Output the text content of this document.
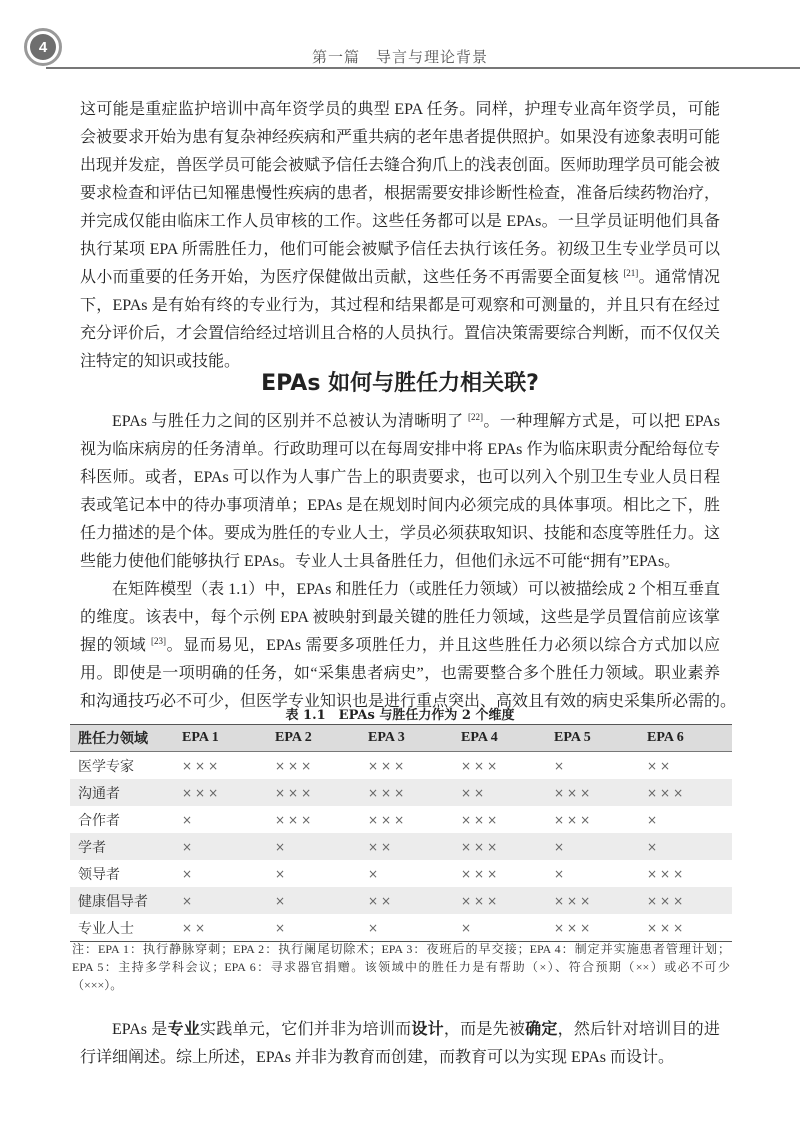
4
第一篇　导言与理论背景
这可能是重症监护培训中高年资学员的典型 EPA 任务。同样，护理专业高年资学员，可能
会被要求开始为患有复杂神经疾病和严重共病的老年患者提供照护。如果没有迹象表明可能
出现并发症，兽医学员可能会被赋予信任去缝合狗爪上的浅表创面。医师助理学员可能会被
要求检查和评估已知罹患慢性疾病的患者，根据需要安排诊断性检查，准备后续药物治疗，
并完成仅能由临床工作人员审核的工作。这些任务都可以是 EPAs。一旦学员证明他们具备
执行某项 EPA 所需胜任力，他们可能会被赋予信任去执行该任务。初级卫生专业学员可以
从小而重要的任务开始，为医疗保健做出贡献，这些任务不再需要全面复核 [21]。通常情况
下，EPAs 是有始有终的专业行为，其过程和结果都是可观察和可测量的，并且只有在经过
充分评价后，才会置信给经过培训且合格的人员执行。置信决策需要综合判断，而不仅仅关
注特定的知识或技能。
EPAs 如何与胜任力相关联?
EPAs 与胜任力之间的区别并不总被认为清晰明了 [22]。一种理解方式是，可以把 EPAs
视为临床病房的任务清单。行政助理可以在每周安排中将 EPAs 作为临床职责分配给每位专
科医师。或者，EPAs 可以作为人事广告上的职责要求，也可以列入个别卫生专业人员日程
表或笔记本中的待办事项清单；EPAs 是在规划时间内必须完成的具体事项。相比之下，胜
任力描述的是个体。要成为胜任的专业人士，学员必须获取知识、技能和态度等胜任力。这
些能力使他们能够执行 EPAs。专业人士具备胜任力，但他们永远不可能“拥有”EPAs。
在矩阵模型（表 1.1）中，EPAs 和胜任力（或胜任力领域）可以被描绘成 2 个相互垂直
的维度。该表中，每个示例 EPA 被映射到最关键的胜任力领域，这些是学员置信前应该掌
握的领域 [23]。显而易见，EPAs 需要多项胜任力，并且这些胜任力必须以综合方式加以应
用。即使是一项明确的任务，如“采集患者病史”，也需要整合多个胜任力领域。职业素养
和沟通技巧必不可少，但医学专业知识也是进行重点突出、高效且有效的病史采集所必需的。
表 1.1　EPAs 与胜任力作为 2 个维度
胜任力领域	EPA 1	EPA 2	EPA 3	EPA 4	EPA 5	EPA 6
医学专家	×××	×××	×××	×××	×	××
沟通者	×××	×××	×××	××	×××	×××
合作者	×	×××	×××	×××	×××	×
学者	×	×	××	×××	×	×
领导者	×	×	×	×××	×	×××
健康倡导者	×	×	××	×××	×××	×××
专业人士	××	×	×	×	×××	×××
注：EPA 1：执行静脉穿刺；EPA 2：执行阑尾切除术；EPA 3：夜班后的早交接；EPA 4：制定并实施患者管理计划；
EPA 5：主持多学科会议；EPA 6：寻求器官捐赠。该领域中的胜任力是有帮助（×）、符合预期（××）或必不可少
（×××）。
EPAs 是专业实践单元，它们并非为培训而设计，而是先被确定，然后针对培训目的进
行详细阐述。综上所述，EPAs 并非为教育而创建，而教育可以为实现 EPAs 而设计。
